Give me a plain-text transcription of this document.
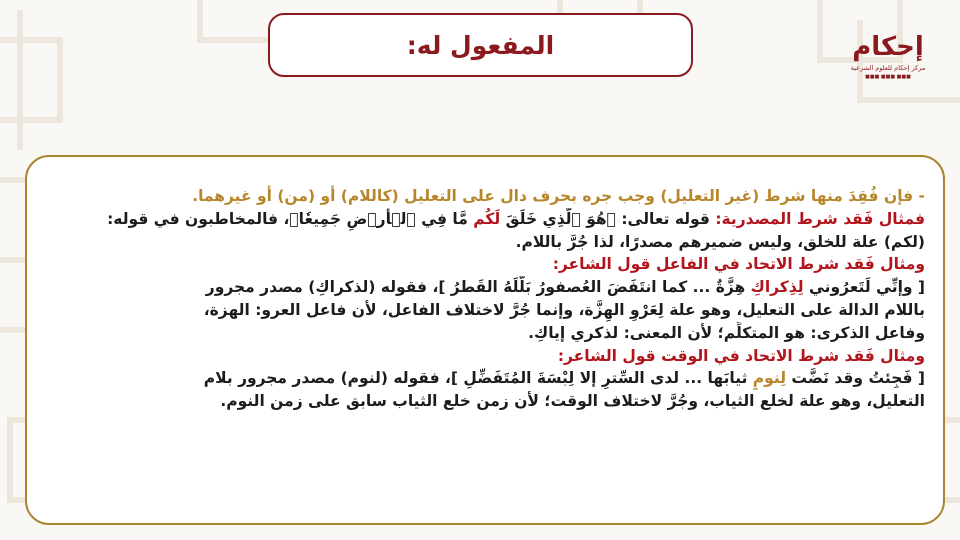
المفعول له:	إحكام
مركز إحكام للعلوم الشرعية
■■■ ■■■ ■■■
- فإن فُقِدَ منها شرط (غير التعليل) وجب جره بحرف دال على التعليل (كاللام) أو (من) أو غيرهما.
فمثال فَقد شرط المصدرية: قوله تعالى: ﴿هُوَ ٱلَّذِي خَلَقَ لَكُم مَّا فِي ٱلۡأَرۡضِ جَمِيعٗا﴾، فالمخاطبون في قوله:
(لكم) علة للخلق، وليس ضميرهم مصدرًا، لذا جُرَّ باللام.
ومثال فَقد شرط الاتحاد في الفاعل قول الشاعر:
[ وإنِّي لَتَعرُوني لِذِكراكِ هِزَّةٌ ... كما انتَفَضَ العُصفورُ بَلَّلَهُ القَطرُ ]، فقوله (لذكراكِ) مصدر مجرور
باللام الدالة على التعليل، وهو علة لِعَرْوِ الهِزَّة، وإنما جُرَّ لاختلاف الفاعل، لأن فاعل العرو: الهزة،
وفاعل الذكرى: هو المتكلِّم؛ لأن المعنى: لذكري إياكِ.
ومثال فَقد شرط الاتحاد في الوقت قول الشاعر:
[ فَجِئتُ وقد نَضَّت لِنومٍ ثيابَها ... لدى السِّترِ إلا لِبْسَةَ المُتَفَضِّلِ ]، فقوله (لنوم) مصدر مجرور بلام
التعليل، وهو علة لخلع الثياب، وجُرَّ لاختلاف الوقت؛ لأن زمن خلع الثياب سابق على زمن النوم.
